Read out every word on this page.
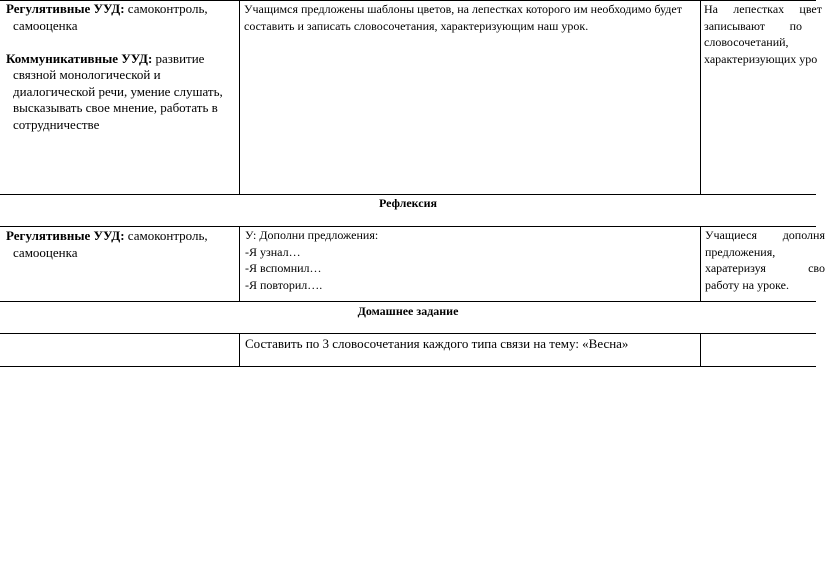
Регулятивные УУД: самоконтроль,
самооценка
Коммуникативные УУД: развитие
связной монологической и
диалогической речи, умение слушать,
высказывать свое мнение, работать в
сотрудничестве
Учащимся предложены шаблоны цветов, на лепестках которого им необходимо будет
составить и записать словосочетания, характеризующим наш урок.
На лепестках цвет
записывают по
словосочетаний,
характеризующих уро
Рефлексия
Регулятивные УУД: самоконтроль,
самооценка
У: Дополни предложения:
-Я узнал…
-Я вспомнил…
-Я повторил….
Учащиеся дополня
предложения,
харатеризуя	сво
работу на уроке.
Домашнее задание
Составить по 3 словосочетания каждого типа связи на тему: «Весна»
